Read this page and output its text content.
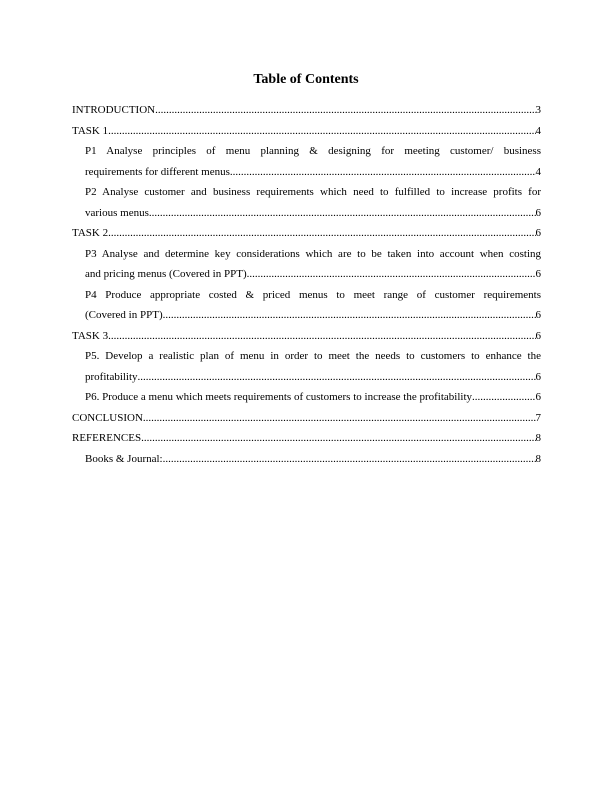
Table of Contents
INTRODUCTION .....	3
TASK 1 .....	4
P1 Analyse principles of menu planning & designing for meeting customer/ business
requirements for different menus .....	4
P2 Analyse customer and business requirements which need to fulfilled to increase profits for
various menus .....	6
TASK 2 .....	6
P3 Analyse and determine key considerations which are to be taken into account when costing
and pricing menus (Covered in PPT) .....	6
P4 Produce appropriate costed & priced menus to meet range of customer requirements
(Covered in PPT) .....	6
TASK 3 .....	6
P5. Develop a realistic plan of menu in order to meet the needs to customers to enhance the
profitability .....	6
P6. Produce a menu which meets requirements of customers to increase the profitability .....	6
CONCLUSION .....	7
REFERENCES .....	8
Books & Journal: .....	8
